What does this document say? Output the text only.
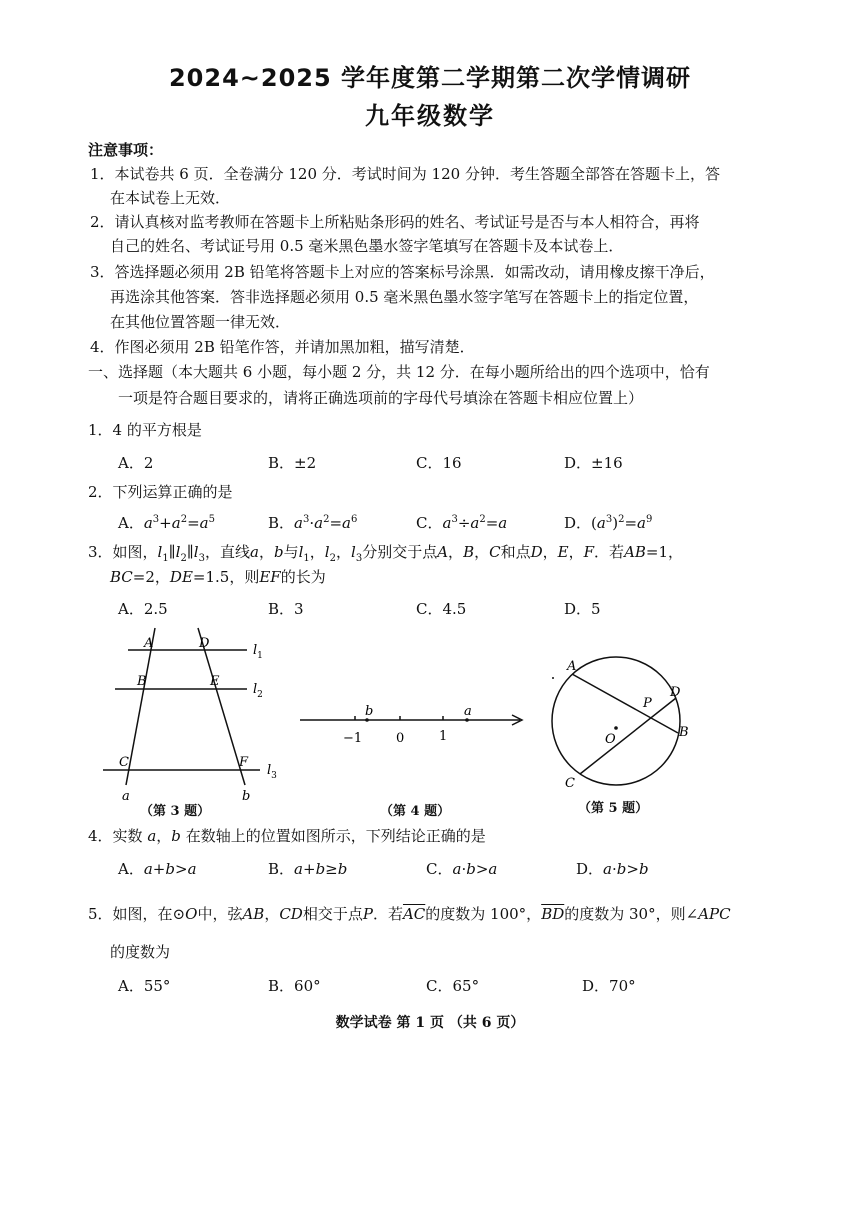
2024~2025 学年度第二学期第二次学情调研
九年级数学
注意事项：
1．本试卷共 6 页．全卷满分 120 分．考试时间为 120 分钟．考生答题全部答在答题卡上，答
在本试卷上无效．
2．请认真核对监考教师在答题卡上所粘贴条形码的姓名、考试证号是否与本人相符合，再将
自己的姓名、考试证号用 0.5 毫米黑色墨水签字笔填写在答题卡及本试卷上．
3．答选择题必须用 2B 铅笔将答题卡上对应的答案标号涂黑．如需改动，请用橡皮擦干净后，
再选涂其他答案．答非选择题必须用 0.5 毫米黑色墨水签字笔写在答题卡上的指定位置，
在其他位置答题一律无效．
4．作图必须用 2B 铅笔作答，并请加黑加粗，描写清楚．
一、选择题（本大题共 6 小题，每小题 2 分，共 12 分．在每小题所给出的四个选项中，恰有
一项是符合题目要求的，请将正确选项前的字母代号填涂在答题卡相应位置上）
1．4 的平方根是
A．2	B．±2	C．16	D．±16
2．下列运算正确的是
A．$a^3+a^2=a^5$	B．$a^3\cdot a^2=a^6$	C．$a^3\div a^2=a$	D．$(a^3)^2=a^9$
3．如图，$l_1\parallel l_2\parallel l_3$，直线a，b与$l_1$，$l_2$，$l_3$分别交于点A，B，C和点D，E，F．若AB=1，
BC=2，DE=1.5，则EF的长为
A．2.5	B．3	C．4.5	D．5
A	D
B	E
C	F
a	b
$l_1$
$l_2$
$l_3$
（第 3 题）
b	a
−1	0	1
（第 4 题）
A
D
P
O	B
C
（第 5 题）
4．实数 a，b 在数轴上的位置如图所示，下列结论正确的是
A．a+b>a	B．a+b≥b	C．a·b>a	D．a·b>b
5．如图，在⊙O中，弦AB，CD相交于点P．若$\overline{AC}$的度数为 100°，$\overline{BD}$的度数为 30°，则∠APC
的度数为
A．55°	B．60°	C．65°	D．70°
数学试卷 第 1 页 （共 6 页）
